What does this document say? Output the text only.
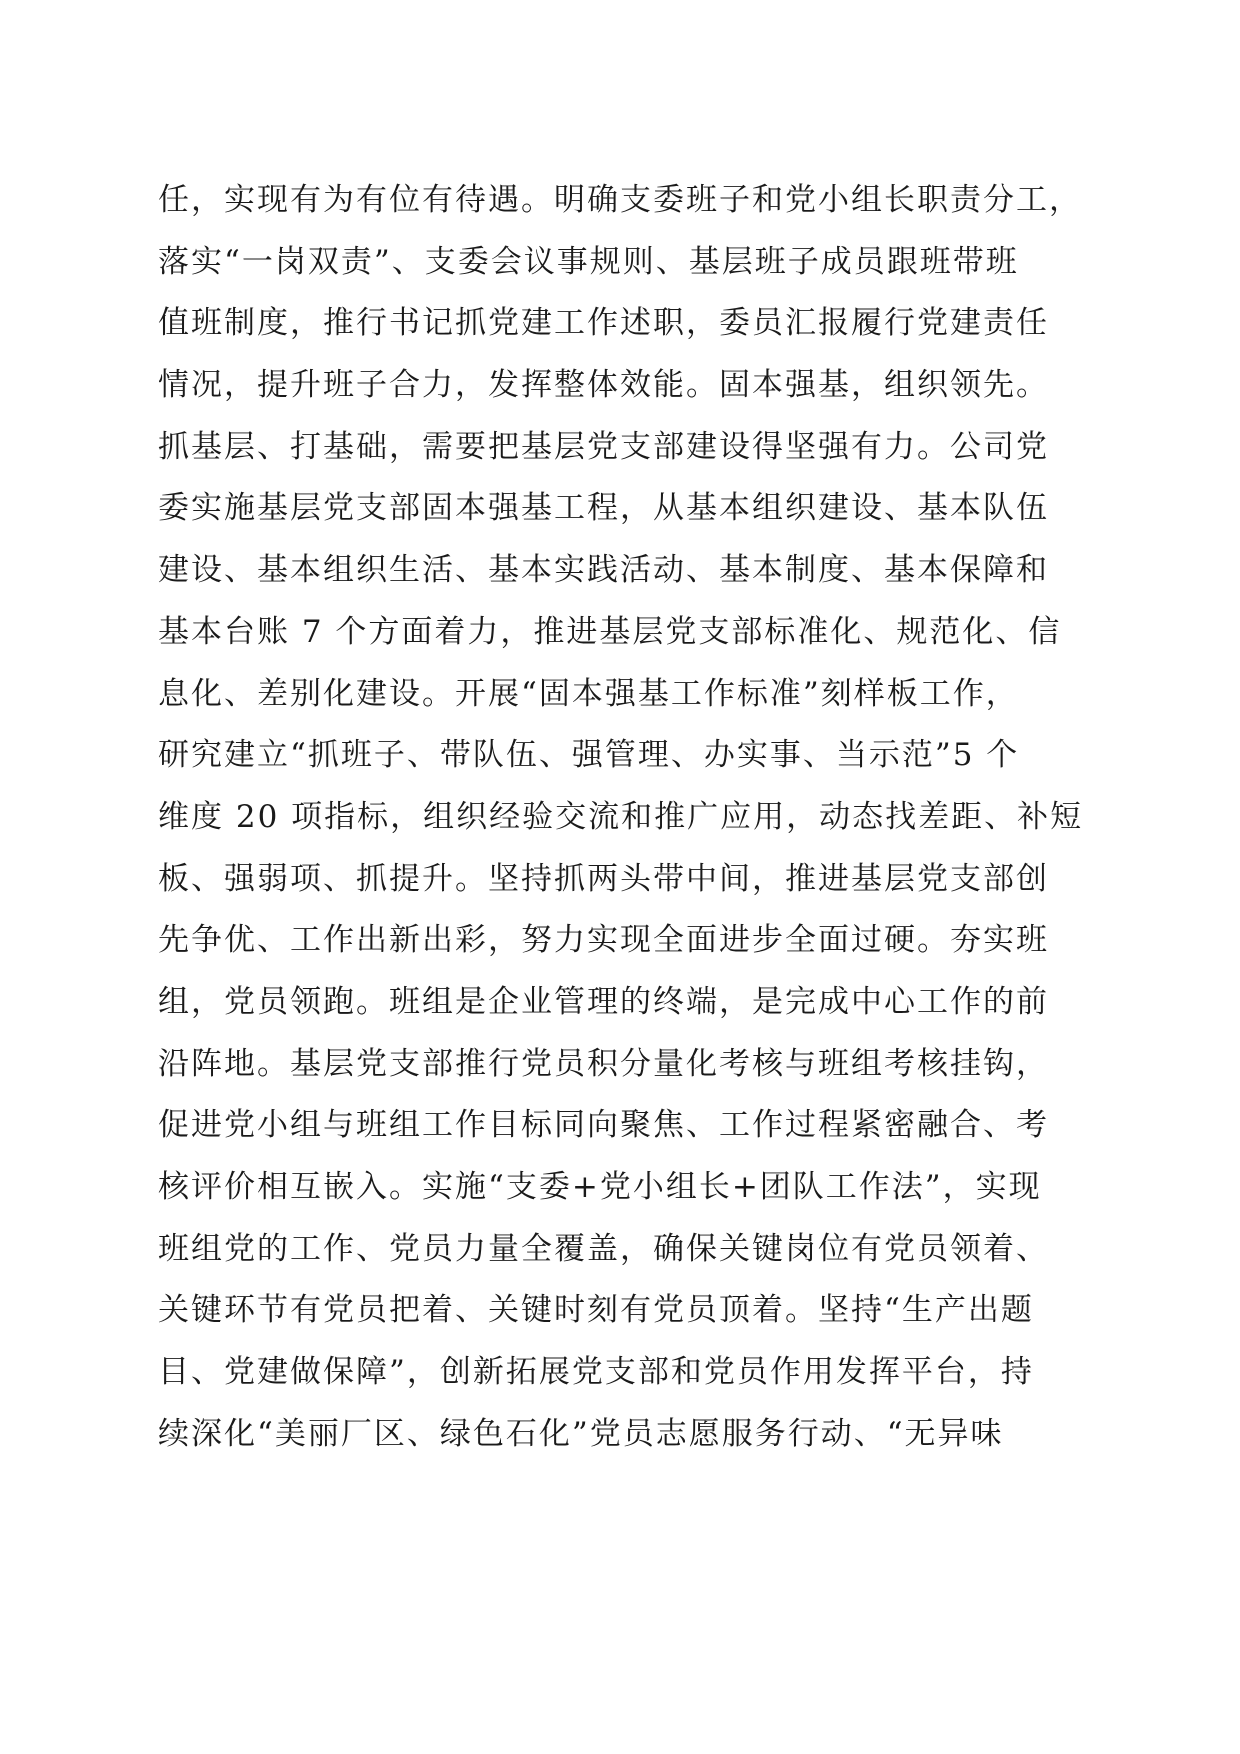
任，实现有为有位有待遇。明确支委班子和党小组长职责分工，
落实“一岗双责”、支委会议事规则、基层班子成员跟班带班
值班制度，推行书记抓党建工作述职，委员汇报履行党建责任
情况，提升班子合力，发挥整体效能。固本强基，组织领先。
抓基层、打基础，需要把基层党支部建设得坚强有力。公司党
委实施基层党支部固本强基工程，从基本组织建设、基本队伍
建设、基本组织生活、基本实践活动、基本制度、基本保障和
基本台账 7 个方面着力，推进基层党支部标准化、规范化、信
息化、差别化建设。开展“固本强基工作标准”刻样板工作，
研究建立“抓班子、带队伍、强管理、办实事、当示范”5 个
维度 20 项指标，组织经验交流和推广应用，动态找差距、补短
板、强弱项、抓提升。坚持抓两头带中间，推进基层党支部创
先争优、工作出新出彩，努力实现全面进步全面过硬。夯实班
组，党员领跑。班组是企业管理的终端，是完成中心工作的前
沿阵地。基层党支部推行党员积分量化考核与班组考核挂钩，
促进党小组与班组工作目标同向聚焦、工作过程紧密融合、考
核评价相互嵌入。实施“支委+党小组长+团队工作法”，实现
班组党的工作、党员力量全覆盖，确保关键岗位有党员领着、
关键环节有党员把着、关键时刻有党员顶着。坚持“生产出题
目、党建做保障”，创新拓展党支部和党员作用发挥平台，持
续深化“美丽厂区、绿色石化”党员志愿服务行动、“无异味
